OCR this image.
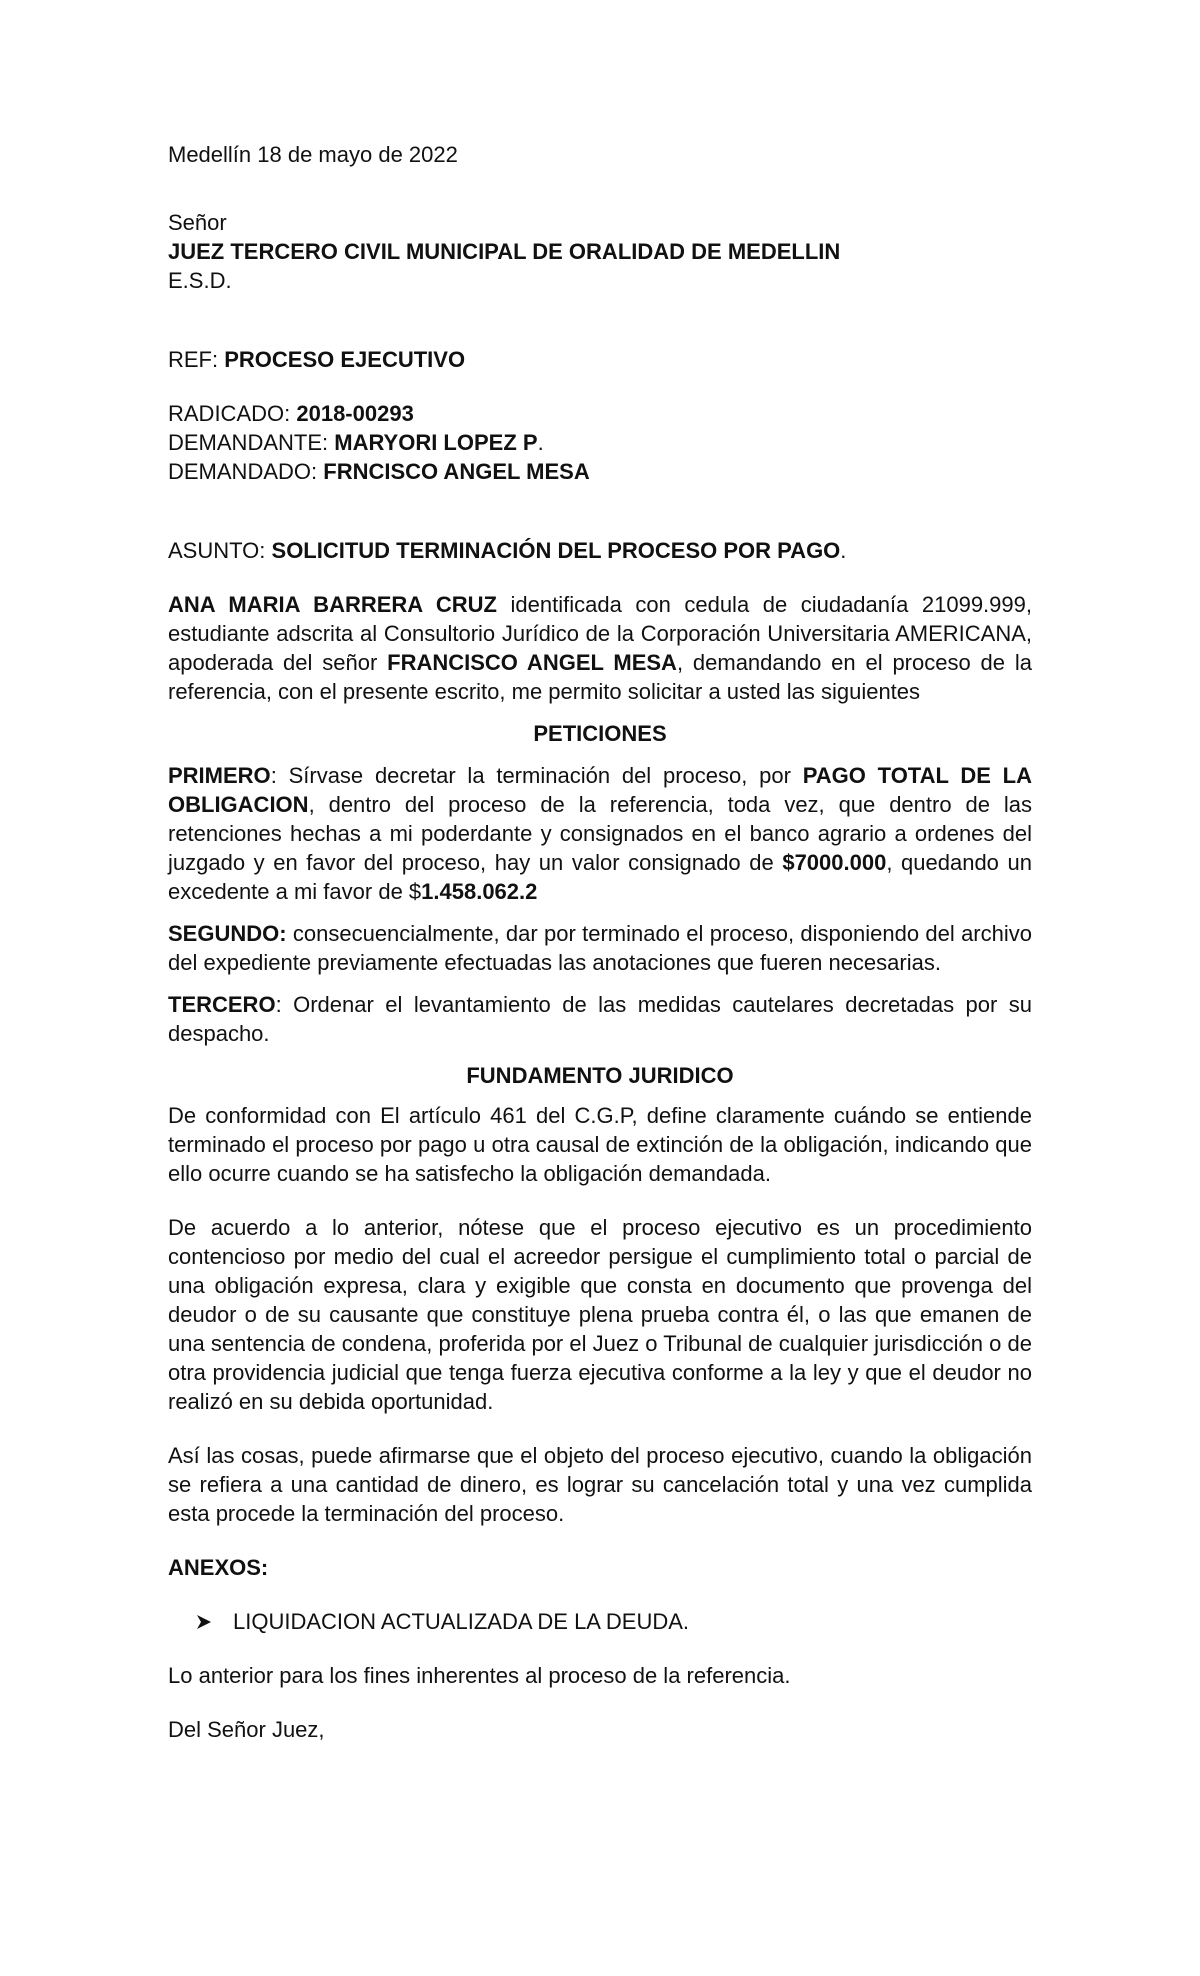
Medellín 18 de mayo de 2022
Señor
JUEZ TERCERO CIVIL MUNICIPAL DE ORALIDAD DE MEDELLIN
E.S.D.
REF: PROCESO EJECUTIVO
RADICADO: 2018-00293
DEMANDANTE: MARYORI LOPEZ P.
DEMANDADO: FRNCISCO ANGEL MESA
ASUNTO: SOLICITUD TERMINACIÓN DEL PROCESO POR PAGO.
ANA MARIA BARRERA CRUZ identificada con cedula de ciudadanía 21099.999, estudiante adscrita al Consultorio Jurídico de la Corporación Universitaria AMERICANA, apoderada del señor FRANCISCO ANGEL MESA, demandando en el proceso de la referencia, con el presente escrito, me permito solicitar a usted las siguientes
PETICIONES
PRIMERO: Sírvase decretar la terminación del proceso, por PAGO TOTAL DE LA OBLIGACION, dentro del proceso de la referencia, toda vez, que dentro de las retenciones hechas a mi poderdante y consignados en el banco agrario a ordenes del juzgado y en favor del proceso, hay un valor consignado de $7000.000, quedando un excedente a mi favor de $1.458.062.2
SEGUNDO: consecuencialmente, dar por terminado el proceso, disponiendo del archivo del expediente previamente efectuadas las anotaciones que fueren necesarias.
TERCERO: Ordenar el levantamiento de las medidas cautelares decretadas por su despacho.
FUNDAMENTO JURIDICO
De conformidad con El artículo 461 del C.G.P, define claramente cuándo se entiende terminado el proceso por pago u otra causal de extinción de la obligación, indicando que ello ocurre cuando se ha satisfecho la obligación demandada.
De acuerdo a lo anterior, nótese que el proceso ejecutivo es un procedimiento contencioso por medio del cual el acreedor persigue el cumplimiento total o parcial de una obligación expresa, clara y exigible que consta en documento que provenga del deudor o de su causante que constituye plena prueba contra él, o las que emanen de una sentencia de condena, proferida por el Juez o Tribunal de cualquier jurisdicción o de otra providencia judicial que tenga fuerza ejecutiva conforme a la ley y que el deudor no realizó en su debida oportunidad.
Así las cosas, puede afirmarse que el objeto del proceso ejecutivo, cuando la obligación se refiera a una cantidad de dinero, es lograr su cancelación total y una vez cumplida esta procede la terminación del proceso.
ANEXOS:
LIQUIDACION ACTUALIZADA DE LA DEUDA.
Lo anterior para los fines inherentes al proceso de la referencia.
Del Señor Juez,
